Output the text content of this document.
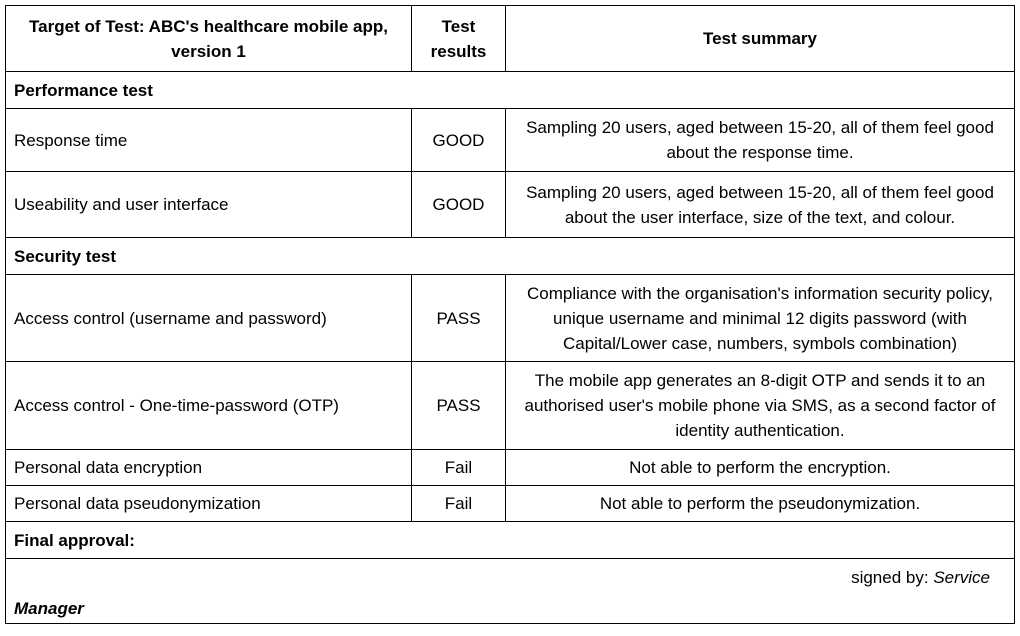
Target of Test: ABC's healthcare mobile app, version 1	Test results	Test summary
Performance test		
Response time	GOOD	Sampling 20 users, aged between 15-20, all of them feel good about the response time.
Useability and user interface	GOOD	Sampling 20 users, aged between 15-20, all of them feel good about the user interface, size of the text, and colour.
Security test		
Access control (username and password)	PASS	Compliance with the organisation's information security policy, unique username and minimal 12 digits password (with Capital/Lower case, numbers, symbols combination)
Access control - One-time-password (OTP)	PASS	The mobile app generates an 8-digit OTP and sends it to an authorised user's mobile phone via SMS, as a second factor of identity authentication.
Personal data encryption	Fail	Not able to perform the encryption.
Personal data pseudonymization	Fail	Not able to perform the pseudonymization.
Final approval:		

signed by: Service
Manager		
